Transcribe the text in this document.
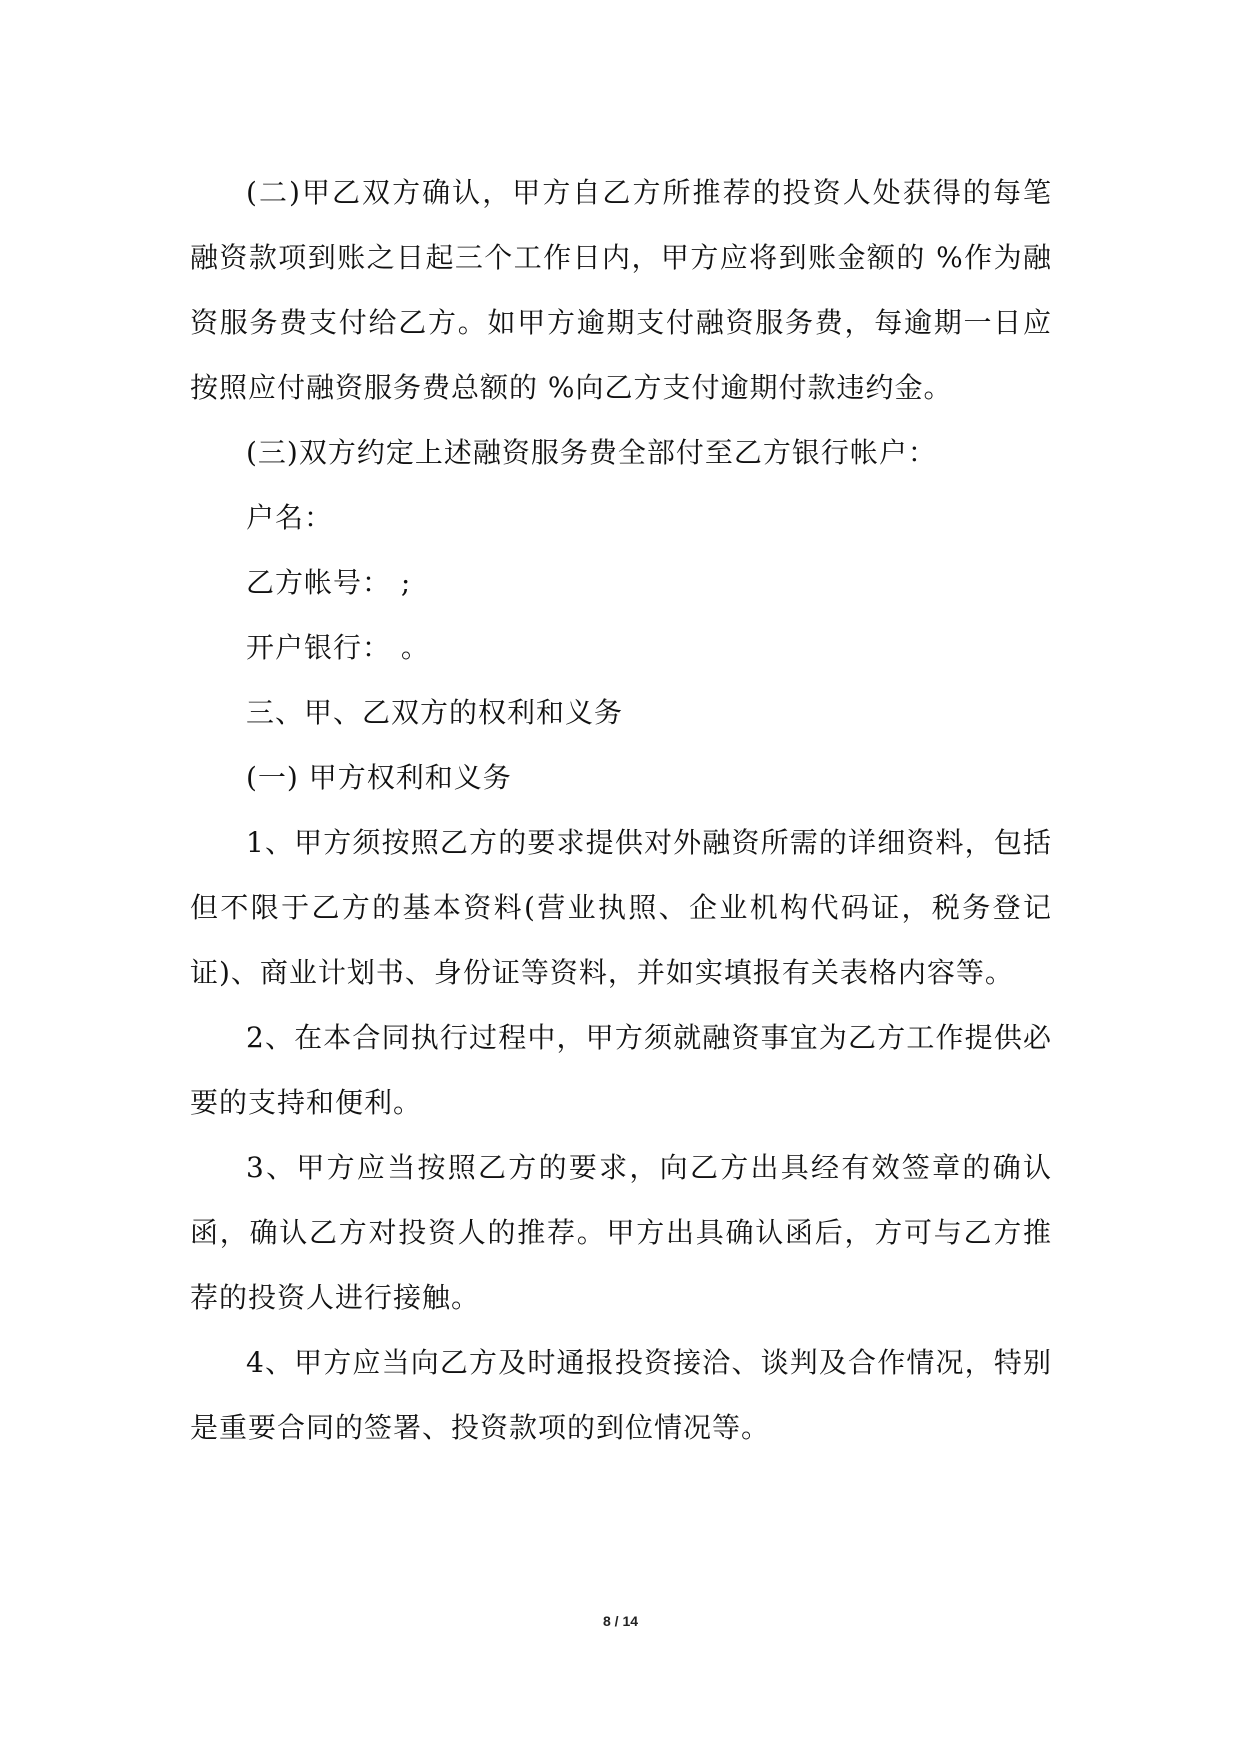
(二)甲乙双方确认，甲方自乙方所推荐的投资人处获得的每笔融资款项到账之日起三个工作日内，甲方应将到账金额的 %作为融资服务费支付给乙方。如甲方逾期支付融资服务费，每逾期一日应按照应付融资服务费总额的 %向乙方支付逾期付款违约金。

(三)双方约定上述融资服务费全部付至乙方银行帐户：

户名：

乙方帐号： ;

开户银行： 。

三、甲、乙双方的权利和义务

(一) 甲方权利和义务

1、甲方须按照乙方的要求提供对外融资所需的详细资料，包括但不限于乙方的基本资料(营业执照、企业机构代码证，税务登记证)、商业计划书、身份证等资料，并如实填报有关表格内容等。

2、在本合同执行过程中，甲方须就融资事宜为乙方工作提供必要的支持和便利。

3、甲方应当按照乙方的要求，向乙方出具经有效签章的确认函，确认乙方对投资人的推荐。甲方出具确认函后，方可与乙方推荐的投资人进行接触。

4、甲方应当向乙方及时通报投资接洽、谈判及合作情况，特别是重要合同的签署、投资款项的到位情况等。

8 / 14
